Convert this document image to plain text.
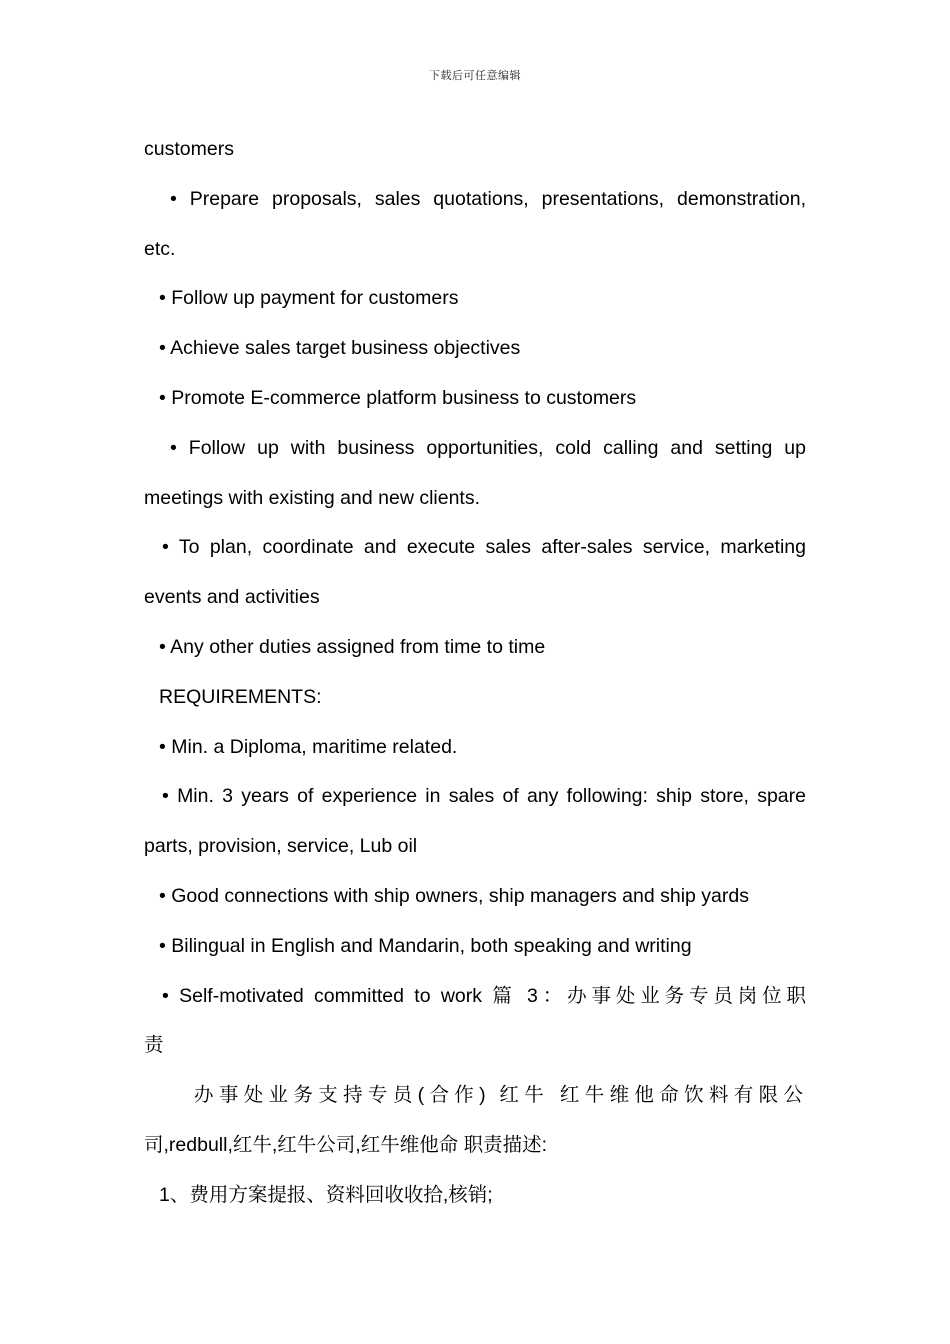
下载后可任意编辑
customers
• Prepare proposals, sales quotations, presentations, demonstration,
etc.
• Follow up payment for customers
• Achieve sales target business objectives
• Promote E-commerce platform business to customers
• Follow up with business opportunities, cold calling and setting up
meetings with existing and new clients.
• To plan, coordinate and execute sales after-sales service, marketing
events and activities
• Any other duties assigned from time to time
REQUIREMENTS:
• Min. a Diploma, maritime related.
• Min. 3 years of experience in sales of any following: ship store, spare
parts, provision, service, Lub oil
• Good connections with ship owners, ship managers and ship yards
• Bilingual in English and Mandarin, both speaking and writing
• Self-motivated committed to work 篇 3：办事处业务专员岗位职
责
办事处业务支持专员(合作) 红牛 红牛维他命饮料有限公
司,redbull,红牛,红牛公司,红牛维他命 职责描述:
1、费用方案提报、资料回收收拾,核销;
